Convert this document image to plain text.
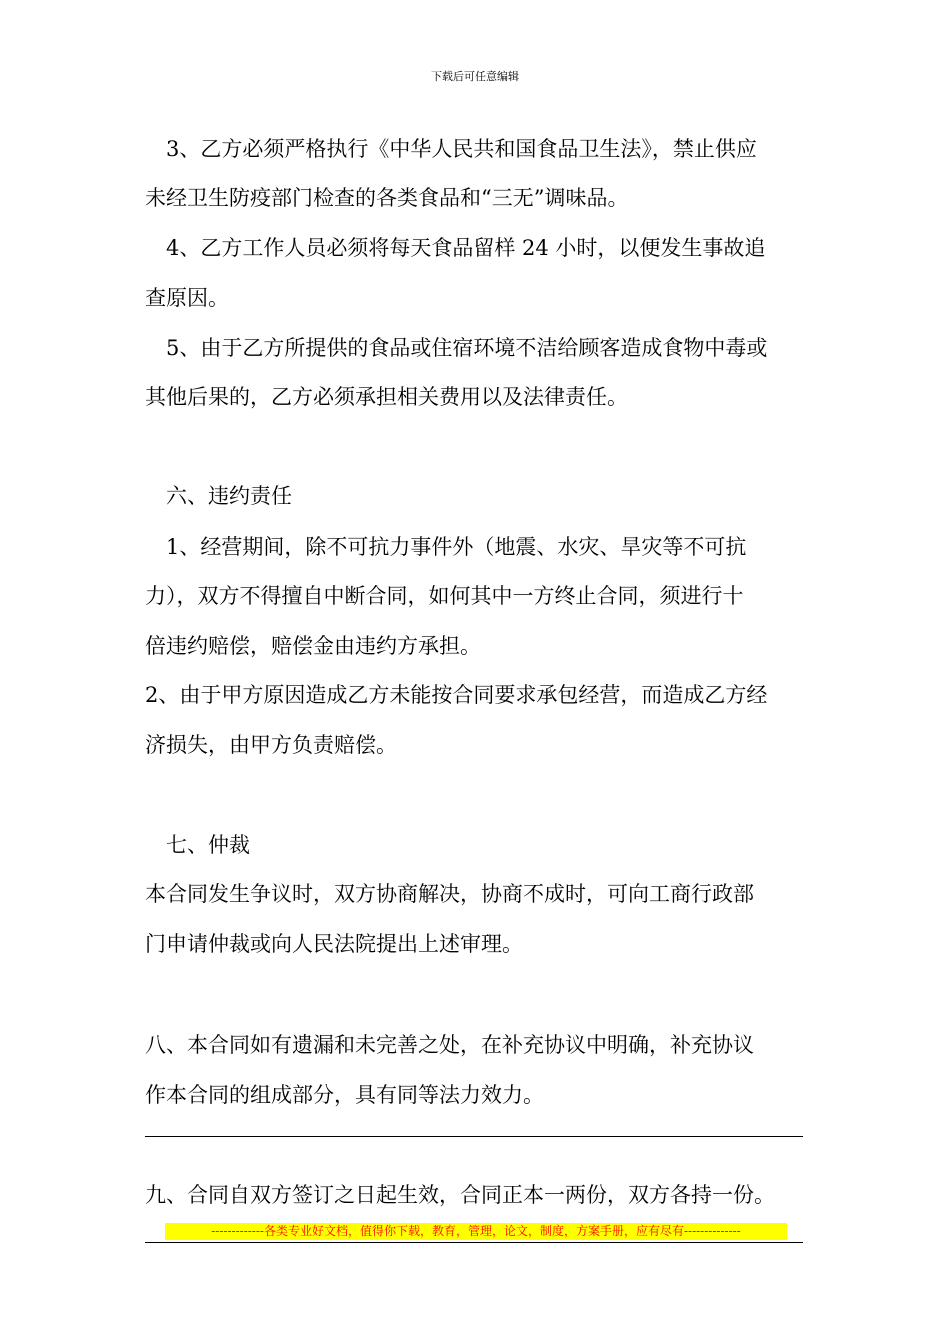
下载后可任意编辑
3、乙方必须严格执行《中华人民共和国食品卫生法》，禁止供应
未经卫生防疫部门检查的各类食品和“三无”调味品。
4、乙方工作人员必须将每天食品留样 24 小时，以便发生事故追
查原因。
5、由于乙方所提供的食品或住宿环境不洁给顾客造成食物中毒或
其他后果的，乙方必须承担相关费用以及法律责任。
六、违约责任
1、经营期间，除不可抗力事件外（地震、水灾、旱灾等不可抗
力），双方不得擅自中断合同，如何其中一方终止合同，须进行十
倍违约赔偿，赔偿金由违约方承担。
2、由于甲方原因造成乙方未能按合同要求承包经营，而造成乙方经
济损失，由甲方负责赔偿。
七、仲裁
本合同发生争议时，双方协商解决，协商不成时，可向工商行政部
门申请仲裁或向人民法院提出上述审理。
八、本合同如有遗漏和未完善之处，在补充协议中明确，补充协议
作本合同的组成部分，具有同等法力效力。
九、合同自双方签订之日起生效，合同正本一两份，双方各持一份。
-------------各类专业好文档，值得你下载，教育，管理，论文，制度，方案手册，应有尽有--------------
